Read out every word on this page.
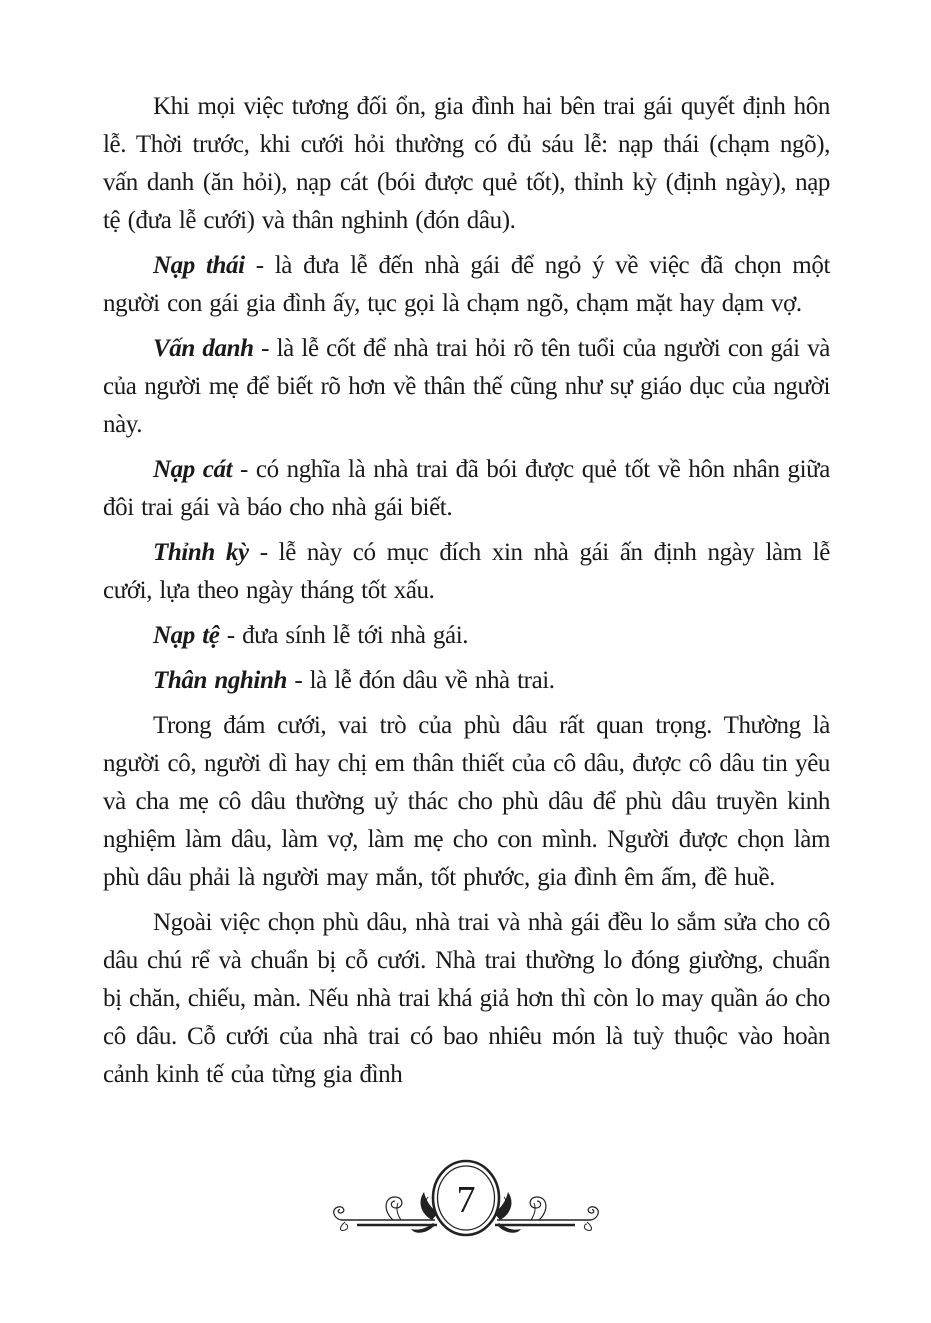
Khi mọi việc tương đối ổn, gia đình hai bên trai gái quyết định hôn lễ. Thời trước, khi cưới hỏi thường có đủ sáu lễ: nạp thái (chạm ngõ), vấn danh (ăn hỏi), nạp cát (bói được quẻ tốt), thỉnh kỳ (định ngày), nạp tệ (đưa lễ cưới) và thân nghinh (đón dâu).

Nạp thái - là đưa lễ đến nhà gái để ngỏ ý về việc đã chọn một người con gái gia đình ấy, tục gọi là chạm ngõ, chạm mặt hay dạm vợ.

Vấn danh - là lễ cốt để nhà trai hỏi rõ tên tuổi của người con gái và của người mẹ để biết rõ hơn về thân thế cũng như sự giáo dục của người này.

Nạp cát - có nghĩa là nhà trai đã bói được quẻ tốt về hôn nhân giữa đôi trai gái và báo cho nhà gái biết.

Thỉnh kỳ - lễ này có mục đích xin nhà gái ấn định ngày làm lễ cưới, lựa theo ngày tháng tốt xấu.

Nạp tệ - đưa sính lễ tới nhà gái.

Thân nghinh - là lễ đón dâu về nhà trai.

Trong đám cưới, vai trò của phù dâu rất quan trọng. Thường là người cô, người dì hay chị em thân thiết của cô dâu, được cô dâu tin yêu và cha mẹ cô dâu thường uỷ thác cho phù dâu để phù dâu truyền kinh nghiệm làm dâu, làm vợ, làm mẹ cho con mình. Người được chọn làm phù dâu phải là người may mắn, tốt phước, gia đình êm ấm, đề huề.

Ngoài việc chọn phù dâu, nhà trai và nhà gái đều lo sắm sửa cho cô dâu chú rể và chuẩn bị cỗ cưới. Nhà trai thường lo đóng giường, chuẩn bị chăn, chiếu, màn. Nếu nhà trai khá giả hơn thì còn lo may quần áo cho cô dâu. Cỗ cưới của nhà trai có bao nhiêu món là tuỳ thuộc vào hoàn cảnh kinh tế của từng gia đình

7
